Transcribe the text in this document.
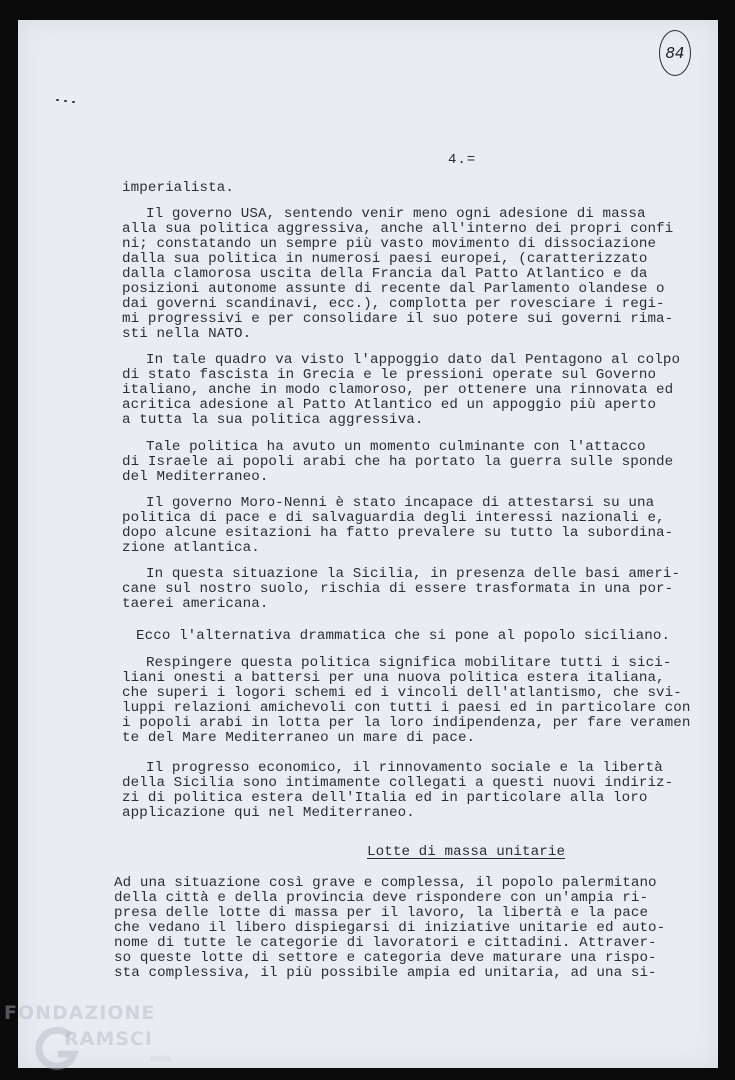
84
4.=
imperialista.
Il governo USA, sentendo venir meno ogni adesione di massa
alla sua politica aggressiva, anche all'interno dei propri confi
ni; constatando un sempre più vasto movimento di dissociazione
dalla sua politica in numerosi paesi europei, (caratterizzato
dalla clamorosa uscita della Francia dal Patto Atlantico e da
posizioni autonome assunte di recente dal Parlamento olandese o
dai governi scandinavi, ecc.), complotta per rovesciare i regi-
mi progressivi e per consolidare il suo potere sui governi rima-
sti nella NATO.
In tale quadro va visto l'appoggio dato dal Pentagono al colpo
di stato fascista in Grecia e le pressioni operate sul Governo
italiano, anche in modo clamoroso, per ottenere una rinnovata ed
acritica adesione al Patto Atlantico ed un appoggio più aperto
a tutta la sua politica aggressiva.
Tale politica ha avuto un momento culminante con l'attacco
di Israele ai popoli arabi che ha portato la guerra sulle sponde
del Mediterraneo.
Il governo Moro-Nenni è stato incapace di attestarsi su una
politica di pace e di salvaguardia degli interessi nazionali e,
dopo alcune esitazioni ha fatto prevalere su tutto la subordina-
zione atlantica.
In questa situazione la Sicilia, in presenza delle basi ameri-
cane sul nostro suolo, rischia di essere trasformata in una por-
taerei americana.
Ecco l'alternativa drammatica che si pone al popolo siciliano.
Respingere questa politica significa mobilitare tutti i sici-
liani onesti a battersi per una nuova politica estera italiana,
che superi i logori schemi ed i vincoli dell'atlantismo, che svi-
luppi relazioni amichevoli con tutti i paesi ed in particolare con
i popoli arabi in lotta per la loro indipendenza, per fare veramen
te del Mare Mediterraneo un mare di pace.
Il progresso economico, il rinnovamento sociale e la libertà
della Sicilia sono intimamente collegati a questi nuovi indiriz-
zi di politica estera dell'Italia ed in particolare alla loro
applicazione qui nel Mediterraneo.
Lotte di massa unitarie
Ad una situazione così grave e complessa, il popolo palermitano
della città e della provincia deve rispondere con un'ampia ri-
presa delle lotte di massa per il lavoro, la libertà e la pace
che vedano il libero dispiegarsi di iniziative unitarie ed auto-
nome di tutte le categorie di lavoratori e cittadini. Attraver-
so queste lotte di settore e categoria deve maturare una rispo-
sta complessiva, il più possibile ampia ed unitaria, ad una si-
FONDAZIONE
RAMSCI
onlus
